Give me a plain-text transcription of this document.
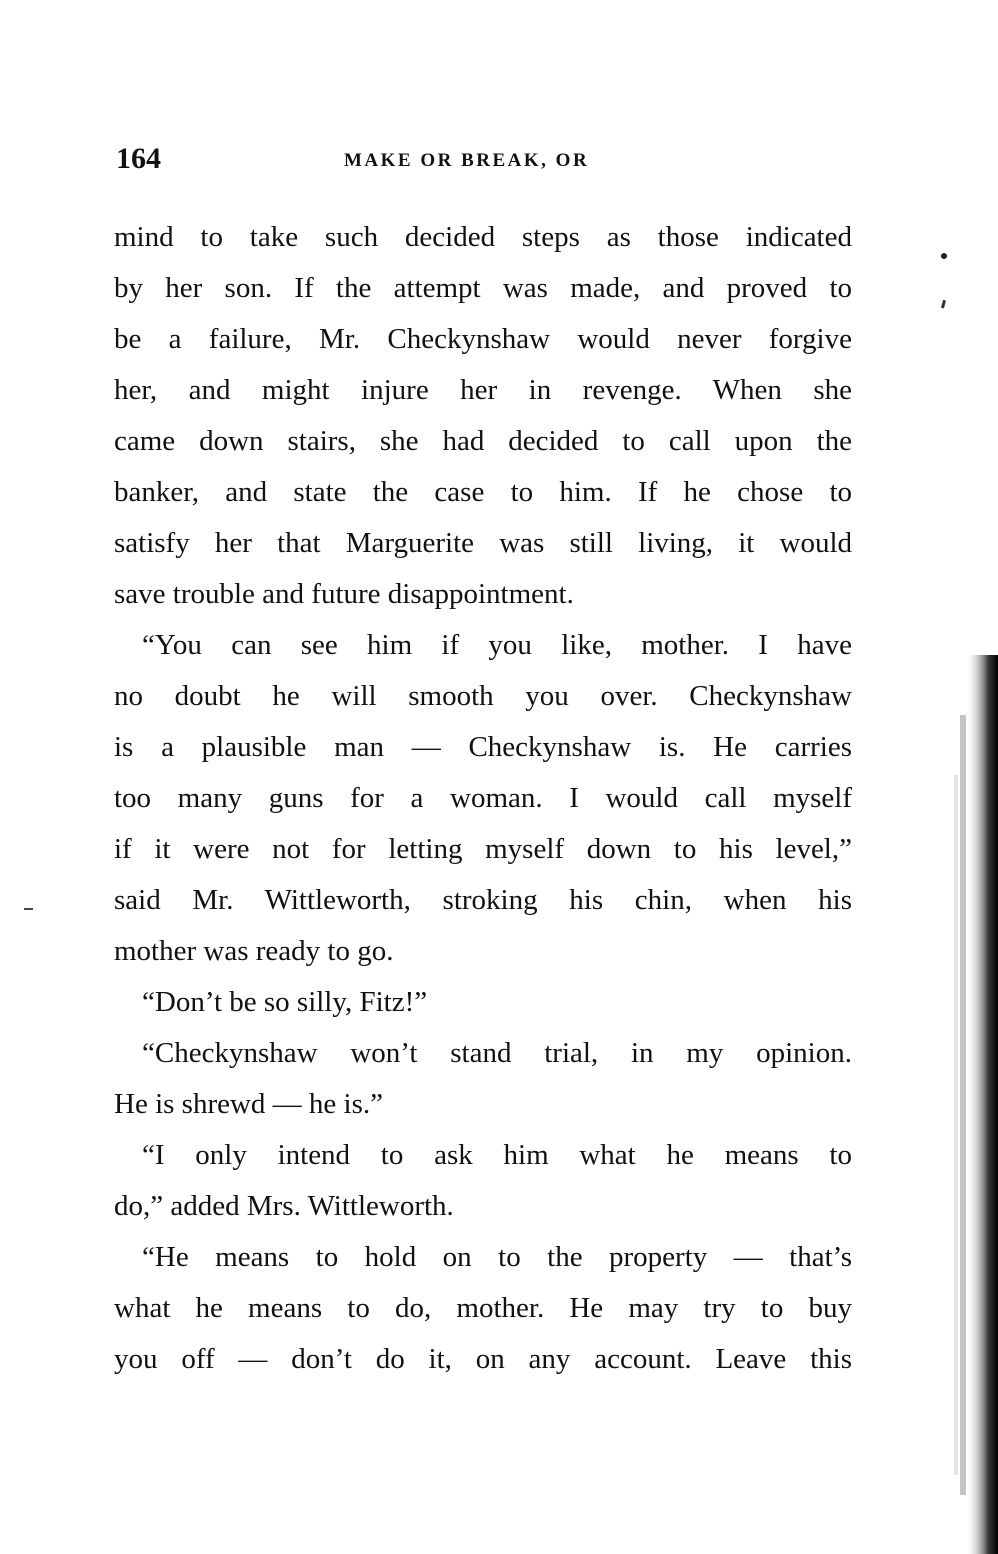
164	MAKE OR BREAK, OR
mind to take such decided steps as those indicated
by her son. If the attempt was made, and proved to
be a failure, Mr. Checkynshaw would never forgive
her, and might injure her in revenge. When she
came down stairs, she had decided to call upon the
banker, and state the case to him. If he chose to
satisfy her that Marguerite was still living, it would
save trouble and future disappointment.
“You can see him if you like, mother. I have
no doubt he will smooth you over. Checkynshaw
is a plausible man — Checkynshaw is. He carries
too many guns for a woman. I would call myself
if it were not for letting myself down to his level,”
said Mr. Wittleworth, stroking his chin, when his
mother was ready to go.
“Don’t be so silly, Fitz!”
“Checkynshaw won’t stand trial, in my opinion.
He is shrewd — he is.”
“I only intend to ask him what he means to
do,” added Mrs. Wittleworth.
“He means to hold on to the property — that’s
what he means to do, mother. He may try to buy
you off — don’t do it, on any account. Leave this
